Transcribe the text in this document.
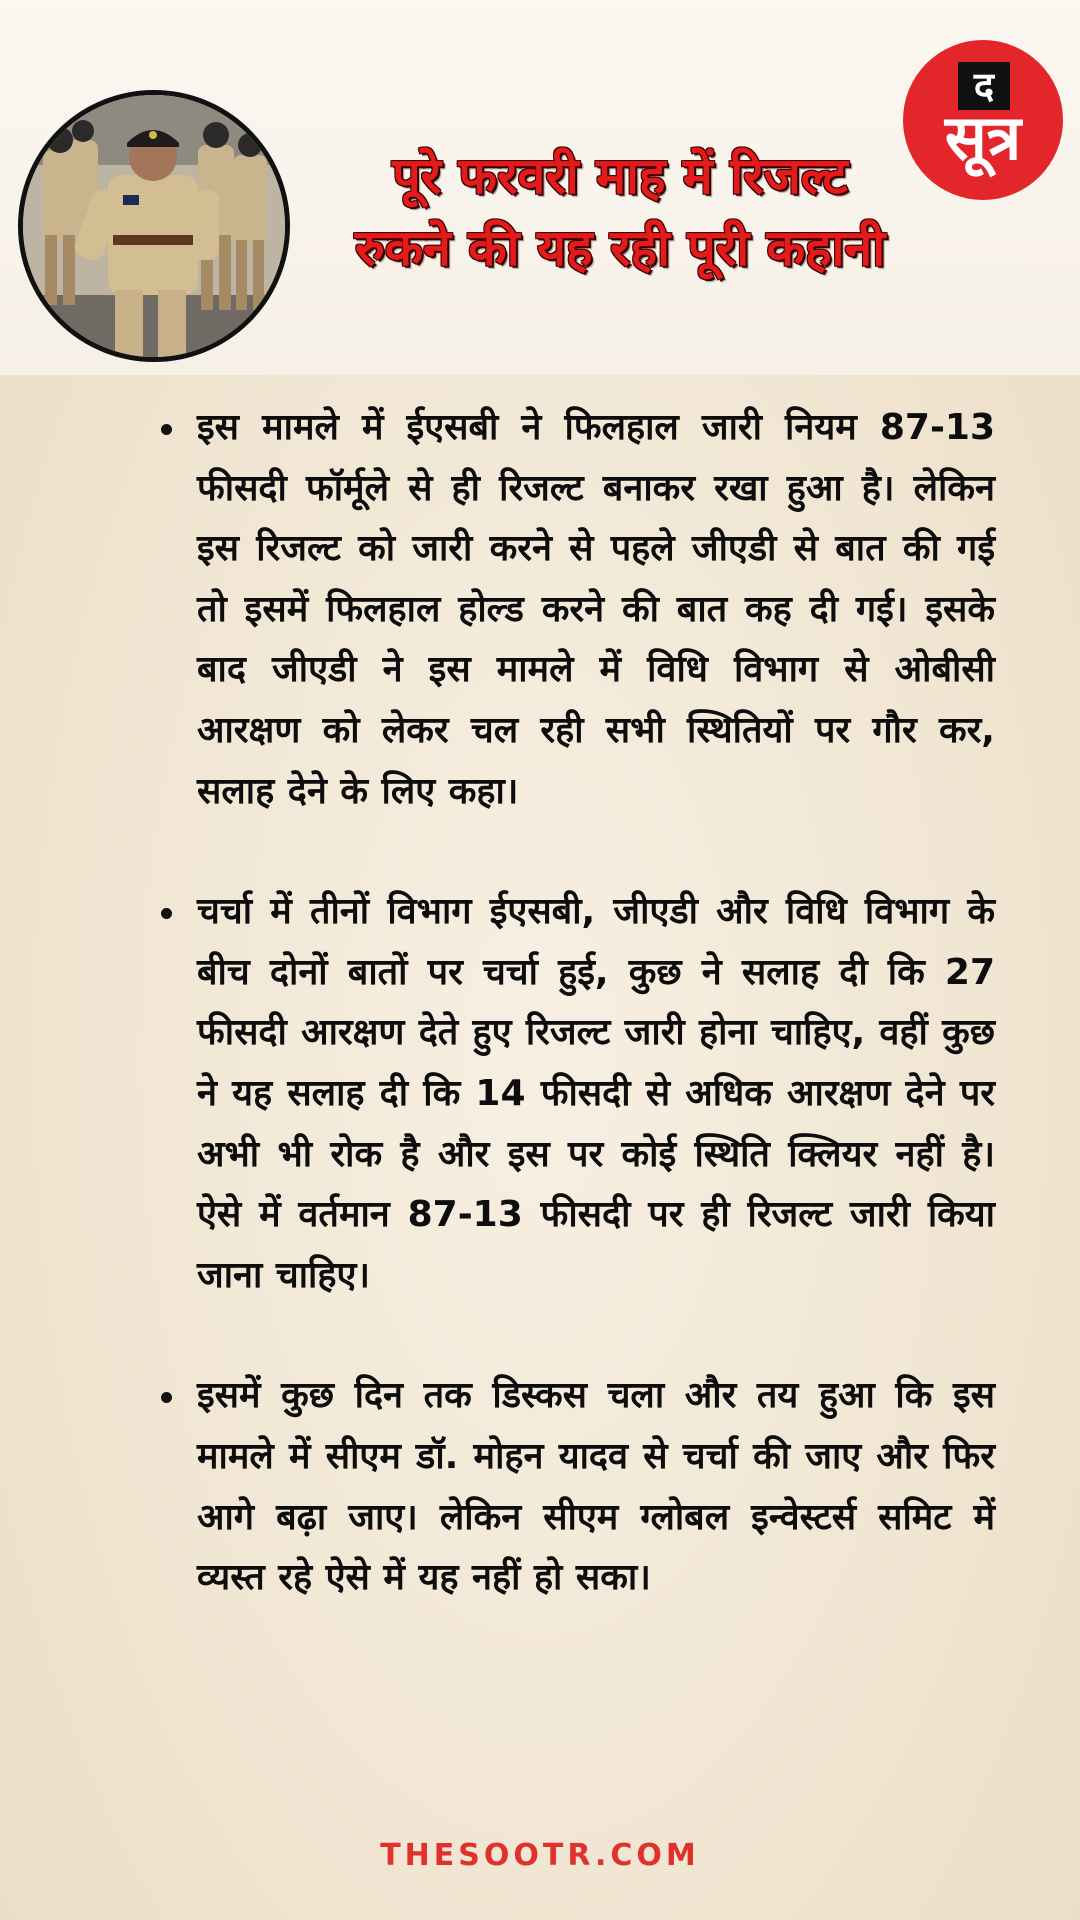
पूरे फरवरी माह में रिजल्ट
रुकने की यह रही पूरी कहानी
द
सूत्र
इस मामले में ईएसबी ने फिलहाल जारी नियम 87-13 फीसदी फॉर्मूले से ही रिजल्ट बनाकर रखा हुआ है। लेकिन इस रिजल्ट को जारी करने से पहले जीएडी से बात की गई तो इसमें फिलहाल होल्ड करने की बात कह दी गई। इसके बाद जीएडी ने इस मामले में विधि विभाग से ओबीसी आरक्षण को लेकर चल रही सभी स्थितियों पर गौर कर, सलाह देने के लिए कहा।
चर्चा में तीनों विभाग ईएसबी, जीएडी और विधि विभाग के बीच दोनों बातों पर चर्चा हुई, कुछ ने सलाह दी कि 27 फीसदी आरक्षण देते हुए रिजल्ट जारी होना चाहिए, वहीं कुछ ने यह सलाह दी कि 14 फीसदी से अधिक आरक्षण देने पर अभी भी रोक है और इस पर कोई स्थिति क्लियर नहीं है। ऐसे में वर्तमान 87-13 फीसदी पर ही रिजल्ट जारी किया जाना चाहिए।
इसमें कुछ दिन तक डिस्कस चला और तय हुआ कि इस मामले में सीएम डॉ. मोहन यादव से चर्चा की जाए और फिर आगे बढ़ा जाए। लेकिन सीएम ग्लोबल इन्वेस्टर्स समिट में व्यस्त रहे ऐसे में यह नहीं हो सका।
THESOOTR.COM
